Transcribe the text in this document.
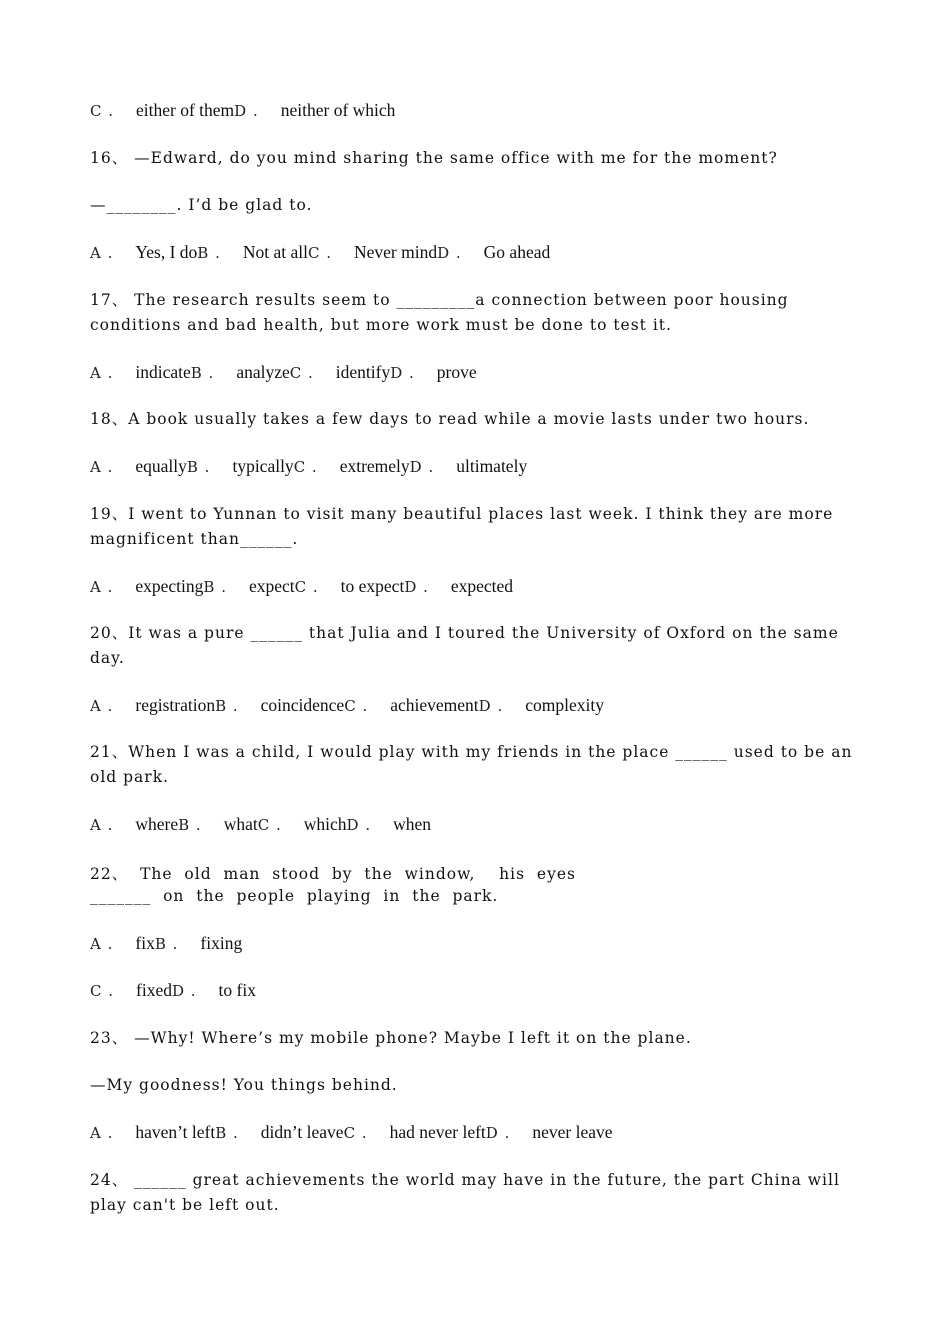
C . either of themD . neither of which
16、 —Edward, do you mind sharing the same office with me for the moment?
—________. I’d be glad to.
A . Yes, I doB . Not at allC . Never mindD . Go ahead
17、 The research results seem to _________a connection between poor housing conditions and bad health, but more work must be done to test it.
A . indicateB . analyzeC . identifyD . prove
18、A book usually takes a few days to read while a movie lasts under two hours.
A . equallyB . typicallyC . extremelyD . ultimately
19、I went to Yunnan to visit many beautiful places last week. I think they are more magnificent than______.
A . expectingB . expectC . to expectD . expected
20、It was a pure ______ that Julia and I toured the University of Oxford on the same day.
A . registrationB . coincidenceC . achievementD . complexity
21、When I was a child, I would play with my friends in the place ______ used to be an old park.
A . whereB . whatC . whichD . when
22、  The  old  man  stood  by  the  window,    his  eyes
_______  on  the  people  playing  in  the  park.
A . fixB . fixing
C . fixedD . to fix
23、 —Why! Where’s my mobile phone? Maybe I left it on the plane.
—My goodness! You things behind.
A . haven’t leftB . didn’t leaveC . had never leftD . never leave
24、 ______ great achievements the world may have in the future, the part China will play can't be left out.
